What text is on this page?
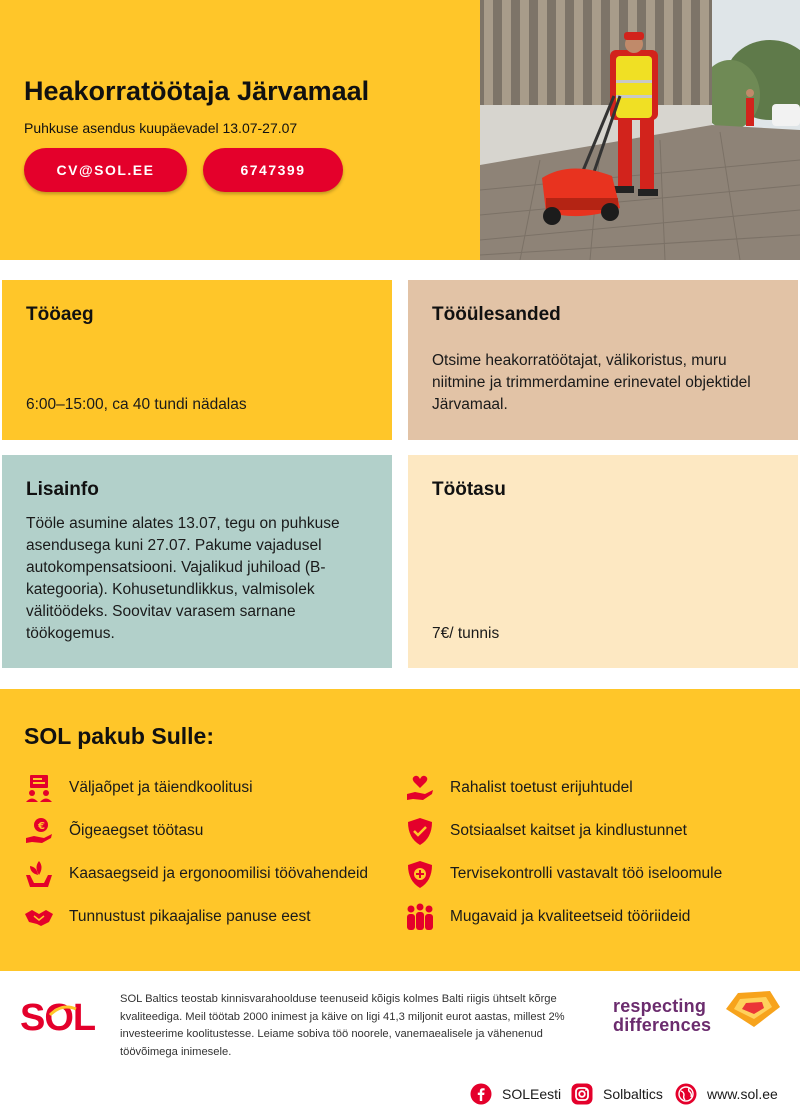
Heakorratöötaja Järvamaal
Puhkuse asendus kuupäevadel 13.07-27.07
CV@SOL.EE	6747399
Tööaeg

6:00–15:00, ca 40 tundi nädalas

Tööülesanded

Otsime heakorratöötajat, välikoristus, muru niitmine ja trimmerdamine erinevatel objektidel Järvamaal.

Lisainfo

Tööle asumine alates 13.07, tegu on puhkuse asendusega kuni 27.07. Pakume vajadusel autokompensatsiooni. Vajalikud juhiload (B-kategooria). Kohusetundlikkus, valmisolek välitöödeks. Soovitav varasem sarnane töökogemus.

Töötasu

7€/ tunnis

SOL pakub Sulle:
Väljaõpet ja täiendkoolitusi
€ Õigeaegset töötasu
Kaasaegseid ja ergonoomilisi töövahendeid
Tunnustust pikaajalise panuse eest
Rahalist toetust erijuhtudel
Sotsiaalset kaitset ja kindlustunnet
Tervisekontrolli vastavalt töö iseloomule
Mugavaid ja kvaliteetseid tööriideid
SOL SOL Baltics teostab kinnisvarahoolduse teenuseid kõigis kolmes Balti riigis ühtselt kõrge kvaliteediga. Meil töötab 2000 inimest ja käive on ligi 41,3 miljonit eurot aastas, millest 2% investeerime koolitustesse. Leiame sobiva töö noorele, vanemaealisele ja vähenenud töövõimega inimesele.

respecting
differences
SOLEesti	Solbaltics	www.sol.ee
